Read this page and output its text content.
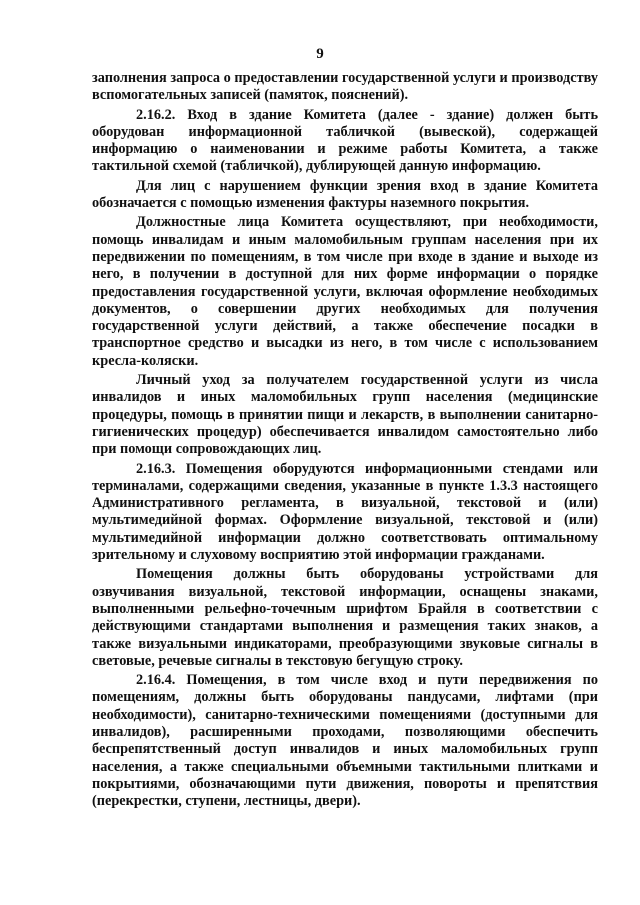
9

заполнения запроса о предоставлении государственной услуги и производству вспомогательных записей (памяток, пояснений).

2.16.2. Вход в здание Комитета (далее - здание) должен быть оборудован информационной табличкой (вывеской), содержащей информацию о наименовании и режиме работы Комитета, а также тактильной схемой (табличкой), дублирующей данную информацию.

Для лиц с нарушением функции зрения вход в здание Комитета обозначается с помощью изменения фактуры наземного покрытия.

Должностные лица Комитета осуществляют, при необходимости, помощь инвалидам и иным маломобильным группам населения при их передвижении по помещениям, в том числе при входе в здание и выходе из него, в получении в доступной для них форме информации о порядке предоставления государственной услуги, включая оформление необходимых документов, о совершении других необходимых для получения государственной услуги действий, а также обеспечение посадки в транспортное средство и высадки из него, в том числе с использованием кресла-коляски.

Личный уход за получателем государственной услуги из числа инвалидов и иных маломобильных групп населения (медицинские процедуры, помощь в принятии пищи и лекарств, в выполнении санитарно-гигиенических процедур) обеспечивается инвалидом самостоятельно либо при помощи сопровождающих лиц.

2.16.3. Помещения оборудуются информационными стендами или терминалами, содержащими сведения, указанные в пункте 1.3.3 настоящего Административного регламента, в визуальной, текстовой и (или) мультимедийной формах. Оформление визуальной, текстовой и (или) мультимедийной информации должно соответствовать оптимальному зрительному и слуховому восприятию этой информации гражданами.

Помещения должны быть оборудованы устройствами для озвучивания визуальной, текстовой информации, оснащены знаками, выполненными рельефно-точечным шрифтом Брайля в соответствии с действующими стандартами выполнения и размещения таких знаков, а также визуальными индикаторами, преобразующими звуковые сигналы в световые, речевые сигналы в текстовую бегущую строку.

2.16.4. Помещения, в том числе вход и пути передвижения по помещениям, должны быть оборудованы пандусами, лифтами (при необходимости), санитарно-техническими помещениями (доступными для инвалидов), расширенными проходами, позволяющими обеспечить беспрепятственный доступ инвалидов и иных маломобильных групп населения, а также специальными объемными тактильными плитками и покрытиями, обозначающими пути движения, повороты и препятствия (перекрестки, ступени, лестницы, двери).
